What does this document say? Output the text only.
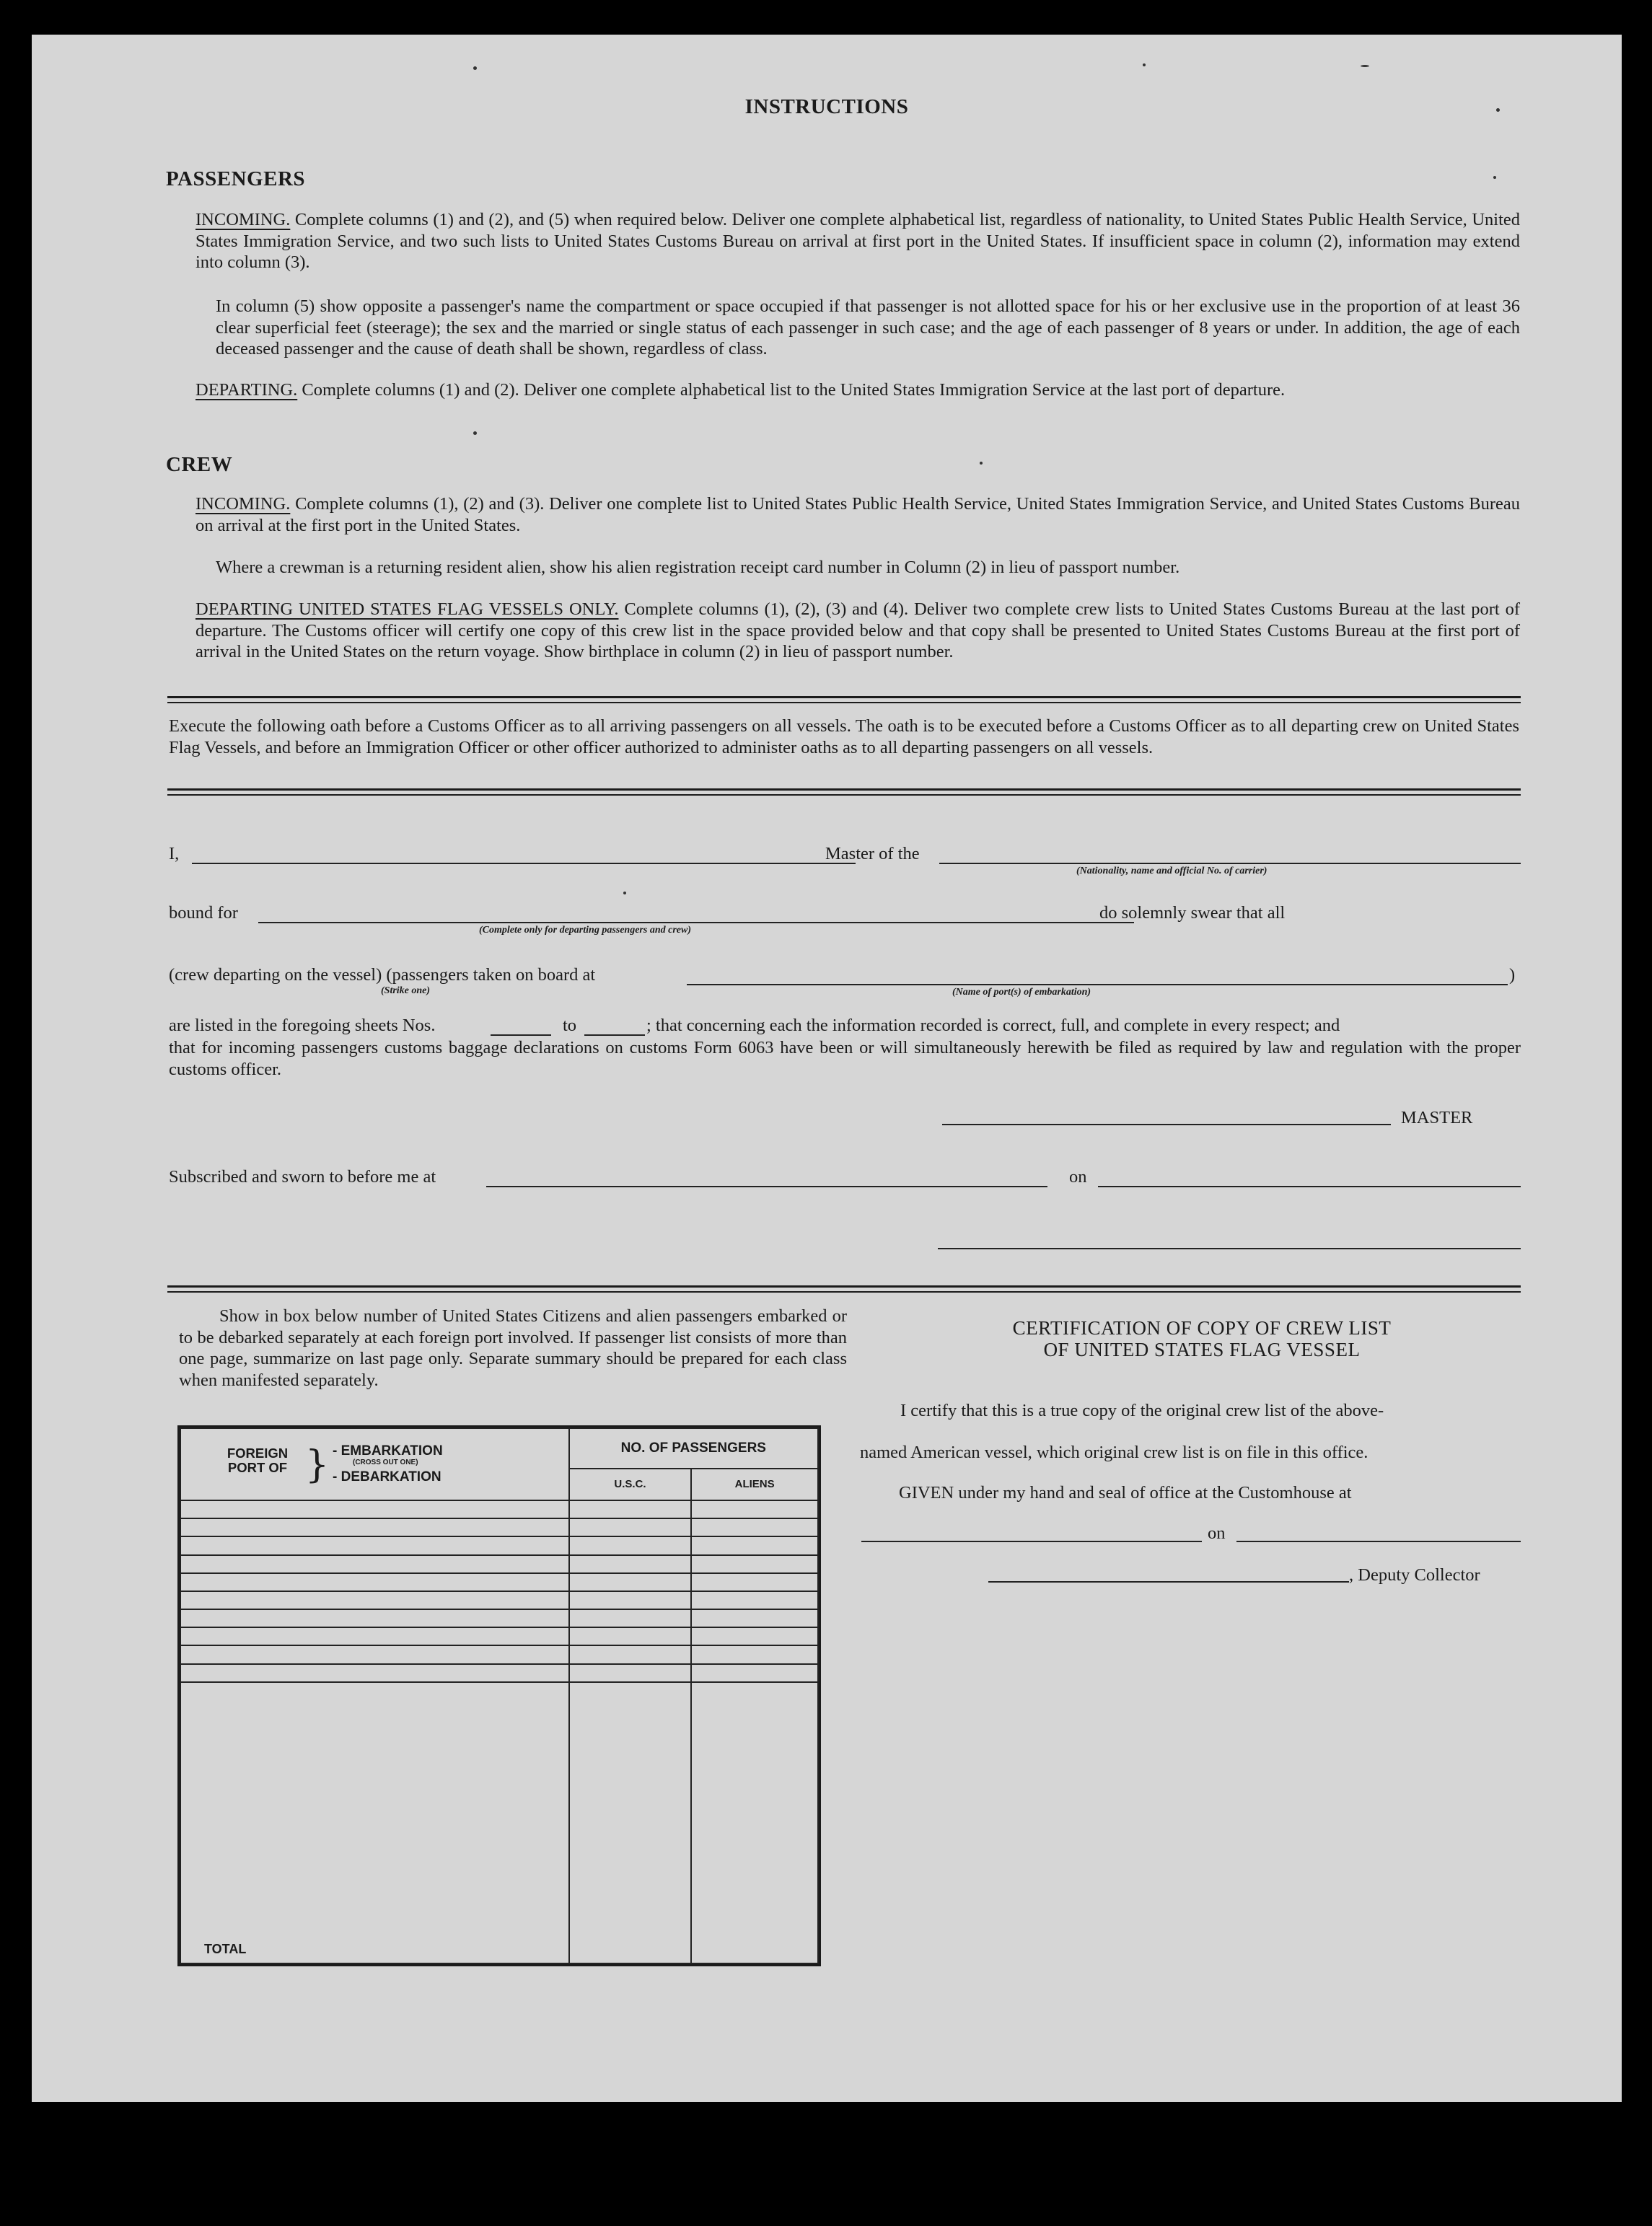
INSTRUCTIONS
PASSENGERS

INCOMING. Complete columns (1) and (2), and (5) when required below. Deliver one complete alphabetical list, regardless of nationality, to United States Public Health Service, United States Immigration Service, and two such lists to United States Customs Bureau on arrival at first port in the United States. If insufficient space in column (2), information may extend into column (3).

In column (5) show opposite a passenger's name the compartment or space occupied if that passenger is not allotted space for his or her exclusive use in the proportion of at least 36 clear superficial feet (steerage); the sex and the married or single status of each passenger in such case; and the age of each passenger of 8 years or under. In addition, the age of each deceased passenger and the cause of death shall be shown, regardless of class.

DEPARTING. Complete columns (1) and (2). Deliver one complete alphabetical list to the United States Immigration Service at the last port of departure.

CREW

INCOMING. Complete columns (1), (2) and (3). Deliver one complete list to United States Public Health Service, United States Immigration Service, and United States Customs Bureau on arrival at the first port in the United States.

Where a crewman is a returning resident alien, show his alien registration receipt card number in Column (2) in lieu of passport number.

DEPARTING UNITED STATES FLAG VESSELS ONLY. Complete columns (1), (2), (3) and (4). Deliver two complete crew lists to United States Customs Bureau at the last port of departure. The Customs officer will certify one copy of this crew list in the space provided below and that copy shall be presented to United States Customs Bureau at the first port of arrival in the United States on the return voyage. Show birthplace in column (2) in lieu of passport number.

Execute the following oath before a Customs Officer as to all arriving passengers on all vessels. The oath is to be executed before a Customs Officer as to all departing crew on United States Flag Vessels, and before an Immigration Officer or other officer authorized to administer oaths as to all departing passengers on all vessels.

I,	Master of the
(Nationality, name and official No. of carrier)
bound for
(Complete only for departing passengers and crew)
do solemnly swear that all
(crew departing on the vessel) (passengers taken on board at
(Strike one)	(Name of port(s) of embarkation)
)
are listed in the foregoing sheets Nos.	to	; that concerning each the information recorded is correct, full, and complete in every respect; and

that for incoming passengers customs baggage declarations on customs Form 6063 have been or will simultaneously herewith be filed as required by law and regulation with the proper customs officer.

MASTER
Subscribed and sworn to before me at	on

Show in box below number of United States Citizens and alien passengers embarked or to be debarked separately at each foreign port involved. If passenger list consists of more than one page, summarize on last page only. Separate summary should be prepared for each class when manifested separately.

FOREIGN PORT OF } - EMBARKATION
(CROSS OUT ONE)
- DEBARKATION	NO. OF PASSENGERS	
	U.S.C.	ALIENS

TOTAL		
CERTIFICATION OF COPY OF CREW LIST
OF UNITED STATES FLAG VESSEL
I certify that this is a true copy of the original crew list of the above-
named American vessel, which original crew list is on file in this office.
GIVEN under my hand and seal of office at the Customhouse at
on
, Deputy Collector
